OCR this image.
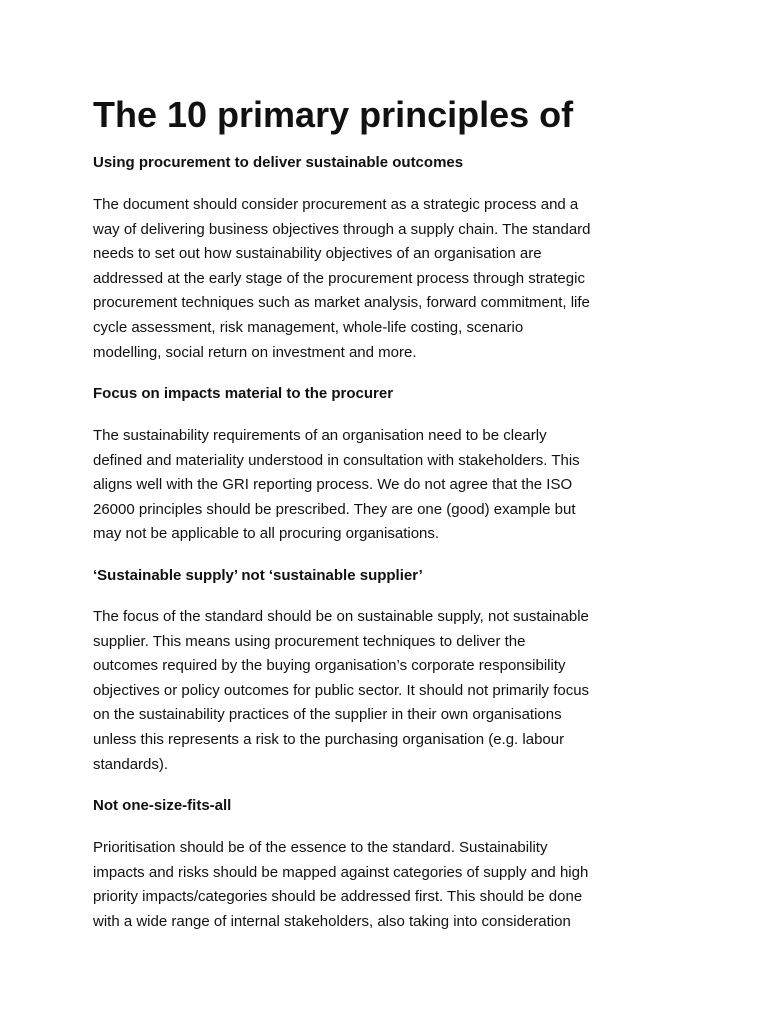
The 10 primary principles of
Using procurement to deliver sustainable outcomes
The document should consider procurement as a strategic process and a
way of delivering business objectives through a supply chain. The standard
needs to set out how sustainability objectives of an organisation are
addressed at the early stage of the procurement process through strategic
procurement techniques such as market analysis, forward commitment, life
cycle assessment, risk management, whole-life costing, scenario
modelling, social return on investment and more.
Focus on impacts material to the procurer
The sustainability requirements of an organisation need to be clearly
defined and materiality understood in consultation with stakeholders. This
aligns well with the GRI reporting process. We do not agree that the ISO
26000 principles should be prescribed. They are one (good) example but
may not be applicable to all procuring organisations.
‘Sustainable supply’ not ‘sustainable supplier’
The focus of the standard should be on sustainable supply, not sustainable
supplier. This means using procurement techniques to deliver the
outcomes required by the buying organisation’s corporate responsibility
objectives or policy outcomes for public sector. It should not primarily focus
on the sustainability practices of the supplier in their own organisations
unless this represents a risk to the purchasing organisation (e.g. labour
standards).
Not one-size-fits-all
Prioritisation should be of the essence to the standard. Sustainability
impacts and risks should be mapped against categories of supply and high
priority impacts/categories should be addressed first. This should be done
with a wide range of internal stakeholders, also taking into consideration
